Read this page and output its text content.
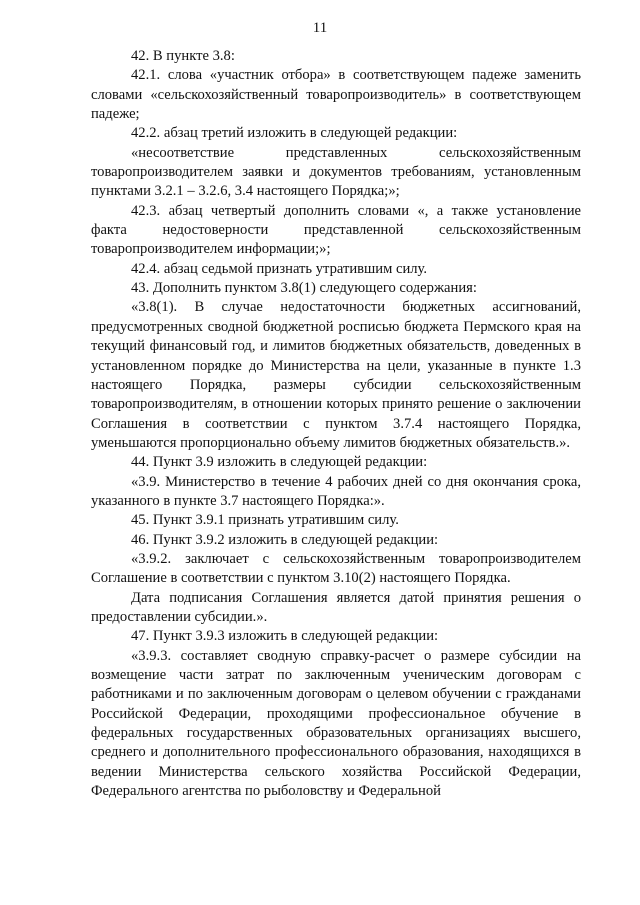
11

42. В пункте 3.8:

42.1. слова «участник отбора» в соответствующем падеже заменить словами «сельскохозяйственный товаропроизводитель» в соответствующем падеже;

42.2. абзац третий изложить в следующей редакции:

«несоответствие представленных сельскохозяйственным товаропроизводителем заявки и документов требованиям, установленным пунктами 3.2.1 – 3.2.6, 3.4 настоящего Порядка;»;

42.3. абзац четвертый дополнить словами «, а также установление факта недостоверности представленной сельскохозяйственным товаропроизводителем информации;»;

42.4. абзац седьмой признать утратившим силу.

43. Дополнить пунктом 3.8(1) следующего содержания:

«3.8(1). В случае недостаточности бюджетных ассигнований, предусмотренных сводной бюджетной росписью бюджета Пермского края на текущий финансовый год, и лимитов бюджетных обязательств, доведенных в установленном порядке до Министерства на цели, указанные в пункте 1.3 настоящего Порядка, размеры субсидии сельскохозяйственным товаропроизводителям, в отношении которых принято решение о заключении Соглашения в соответствии с пунктом 3.7.4 настоящего Порядка, уменьшаются пропорционально объему лимитов бюджетных обязательств.».

44. Пункт 3.9 изложить в следующей редакции:

«3.9. Министерство в течение 4 рабочих дней со дня окончания срока, указанного в пункте 3.7 настоящего Порядка:».

45. Пункт 3.9.1 признать утратившим силу.

46. Пункт 3.9.2 изложить в следующей редакции:

«3.9.2. заключает с сельскохозяйственным товаропроизводителем Соглашение в соответствии с пунктом 3.10(2) настоящего Порядка.

Дата подписания Соглашения является датой принятия решения о предоставлении субсидии.».

47. Пункт 3.9.3 изложить в следующей редакции:

«3.9.3. составляет сводную справку-расчет о размере субсидии на возмещение части затрат по заключенным ученическим договорам с работниками и по заключенным договорам о целевом обучении с гражданами Российской Федерации, проходящими профессиональное обучение в федеральных государственных образовательных организациях высшего, среднего и дополнительного профессионального образования, находящихся в ведении Министерства сельского хозяйства Российской Федерации, Федерального агентства по рыболовству и Федеральной
